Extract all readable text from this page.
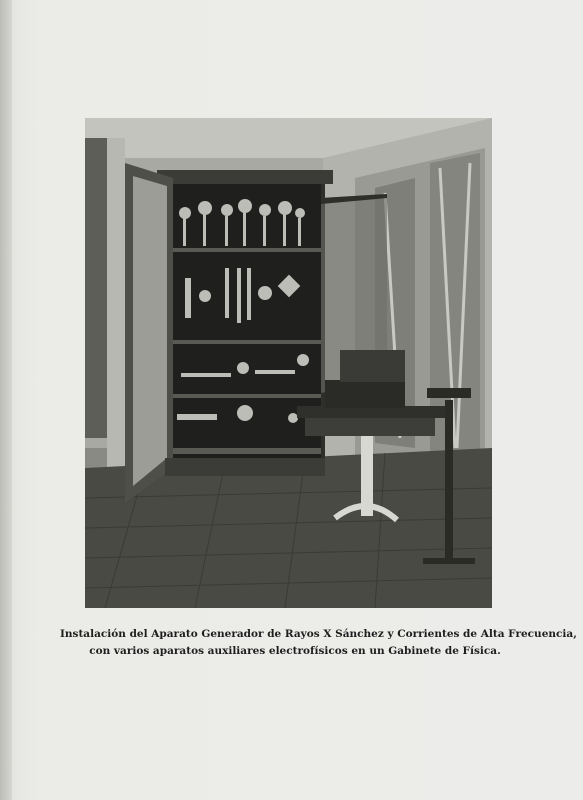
Instalación del Aparato Generador de Rayos X Sánchez y Corrientes de Alta Frecuencia,
con varios aparatos auxiliares electrofísicos en un Gabinete de Física.
